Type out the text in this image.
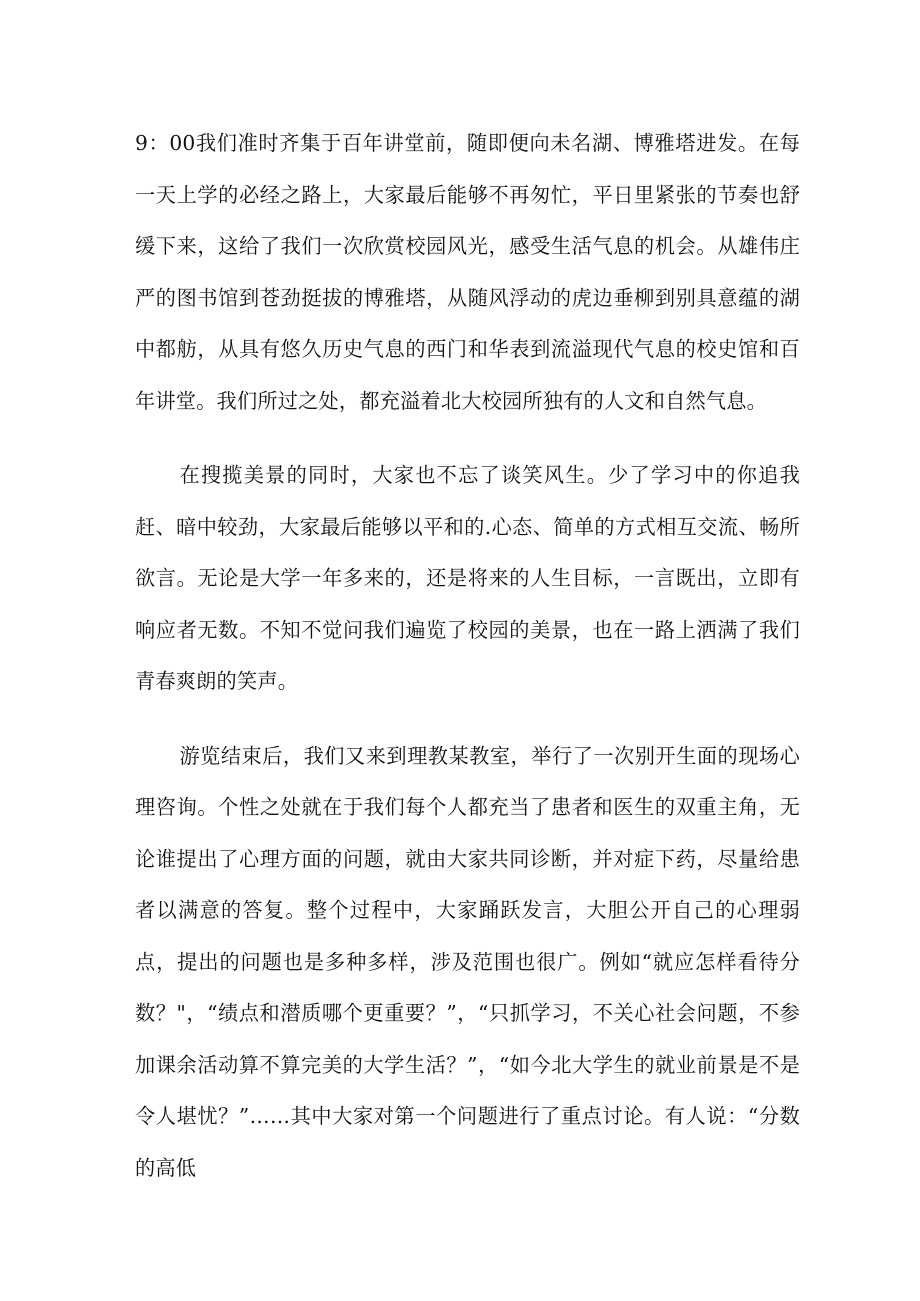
9：00我们准时齐集于百年讲堂前，随即便向未名湖、博雅塔进发。在每一天上学的必经之路上，大家最后能够不再匆忙，平日里紧张的节奏也舒缓下来，这给了我们一次欣赏校园风光，感受生活气息的机会。从雄伟庄严的图书馆到苍劲挺拔的博雅塔，从随风浮动的虎边垂柳到别具意蕴的湖中都舫，从具有悠久历史气息的西门和华表到流溢现代气息的校史馆和百年讲堂。我们所过之处，都充溢着北大校园所独有的人文和自然气息。

在搜揽美景的同时，大家也不忘了谈笑风生。少了学习中的你追我赶、暗中较劲，大家最后能够以平和的.心态、简单的方式相互交流、畅所欲言。无论是大学一年多来的，还是将来的人生目标，一言既出，立即有响应者无数。不知不觉问我们遍览了校园的美景，也在一路上洒满了我们青春爽朗的笑声。

游览结束后，我们又来到理教某教室，举行了一次别开生面的现场心理咨询。个性之处就在于我们每个人都充当了患者和医生的双重主角，无论谁提出了心理方面的问题，就由大家共同诊断，并对症下药，尽量给患者以满意的答复。整个过程中，大家踊跃发言，大胆公开自己的心理弱点，提出的问题也是多种多样，涉及范围也很广。例如“就应怎样看待分数？"，“绩点和潜质哪个更重要？”，“只抓学习，不关心社会问题，不参加课余活动算不算完美的大学生活？”，“如今北大学生的就业前景是不是令人堪忧？”……其中大家对第一个问题进行了重点讨论。有人说：“分数的高低
